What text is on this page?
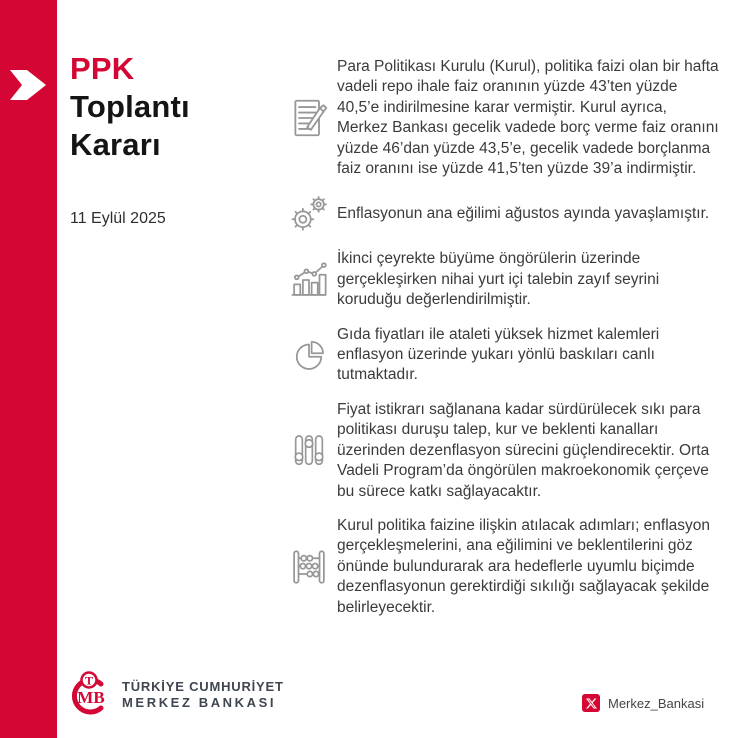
PPK
Toplantı
Kararı
11 Eylül 2025
Para Politikası Kurulu (Kurul), politika faizi olan bir hafta vadeli repo ihale faiz oranının yüzde 43’ten yüzde 40,5’e indirilmesine karar vermiştir. Kurul ayrıca, Merkez Bankası gecelik vadede borç verme faiz oranını yüzde 46’dan yüzde 43,5’e, gecelik vadede borçlanma faiz oranını ise yüzde 41,5’ten yüzde 39’a indirmiştir.
Enflasyonun ana eğilimi ağustos ayında yavaşlamıştır.
İkinci çeyrekte büyüme öngörülerin üzerinde gerçekleşirken nihai yurt içi talebin zayıf seyrini koruduğu değerlendirilmiştir.
Gıda fiyatları ile ataleti yüksek hizmet kalemleri enflasyon üzerinde yukarı yönlü baskıları canlı tutmaktadır.
Fiyat istikrarı sağlanana kadar sürdürülecek sıkı para politikası duruşu talep, kur ve beklenti kanalları üzerinden dezenflasyon sürecini güçlendirecektir. Orta Vadeli Program’da öngörülen makroekonomik çerçeve bu sürece katkı sağlayacaktır.
Kurul politika faizine ilişkin atılacak adımları; enflasyon gerçekleşmelerini, ana eğilimini ve beklentilerini göz önünde bulundurarak ara hedeflerle uyumlu biçimde dezenflasyonun gerektirdiği sıkılığı sağlayacak şekilde belirleyecektir.
T
MB
TÜRKİYE CUMHURİYET
MERKEZ BANKASI	Merkez_Bankasi
